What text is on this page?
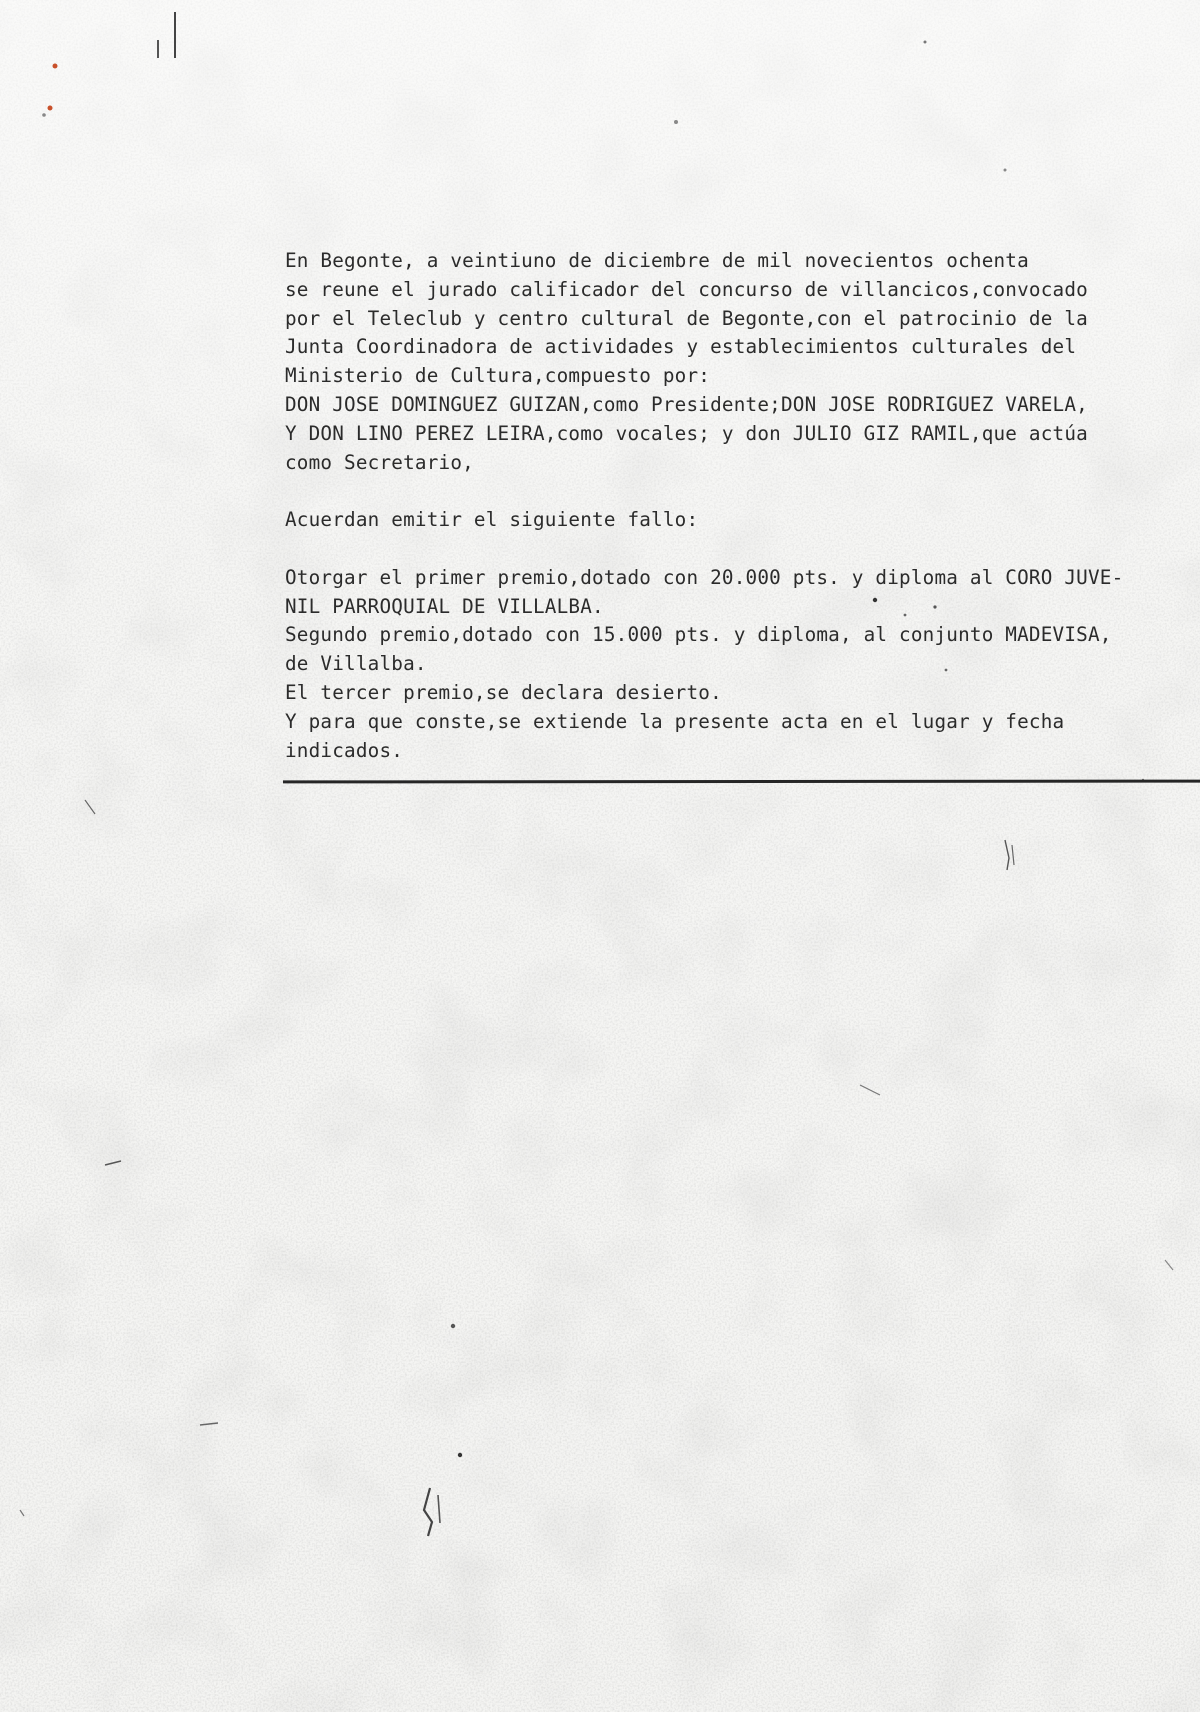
En Begonte, a veintiuno de diciembre de mil novecientos ochenta
se reune el jurado calificador del concurso de villancicos,convocado
por el Teleclub y centro cultural de Begonte,con el patrocinio de la
Junta Coordinadora de actividades y establecimientos culturales del
Ministerio de Cultura,compuesto por:
DON JOSE DOMINGUEZ GUIZAN,como Presidente;DON JOSE RODRIGUEZ VARELA,
Y DON LINO PEREZ LEIRA,como vocales; y don JULIO GIZ RAMIL,que actúa
como Secretario,
Acuerdan emitir el siguiente fallo:
Otorgar el primer premio,dotado con 20.000 pts. y diploma al CORO JUVE-
NIL PARROQUIAL DE VILLALBA.
Segundo premio,dotado con 15.000 pts. y diploma, al conjunto MADEVISA,
de Villalba.
El tercer premio,se declara desierto.
Y para que conste,se extiende la presente acta en el lugar y fecha
indicados.
